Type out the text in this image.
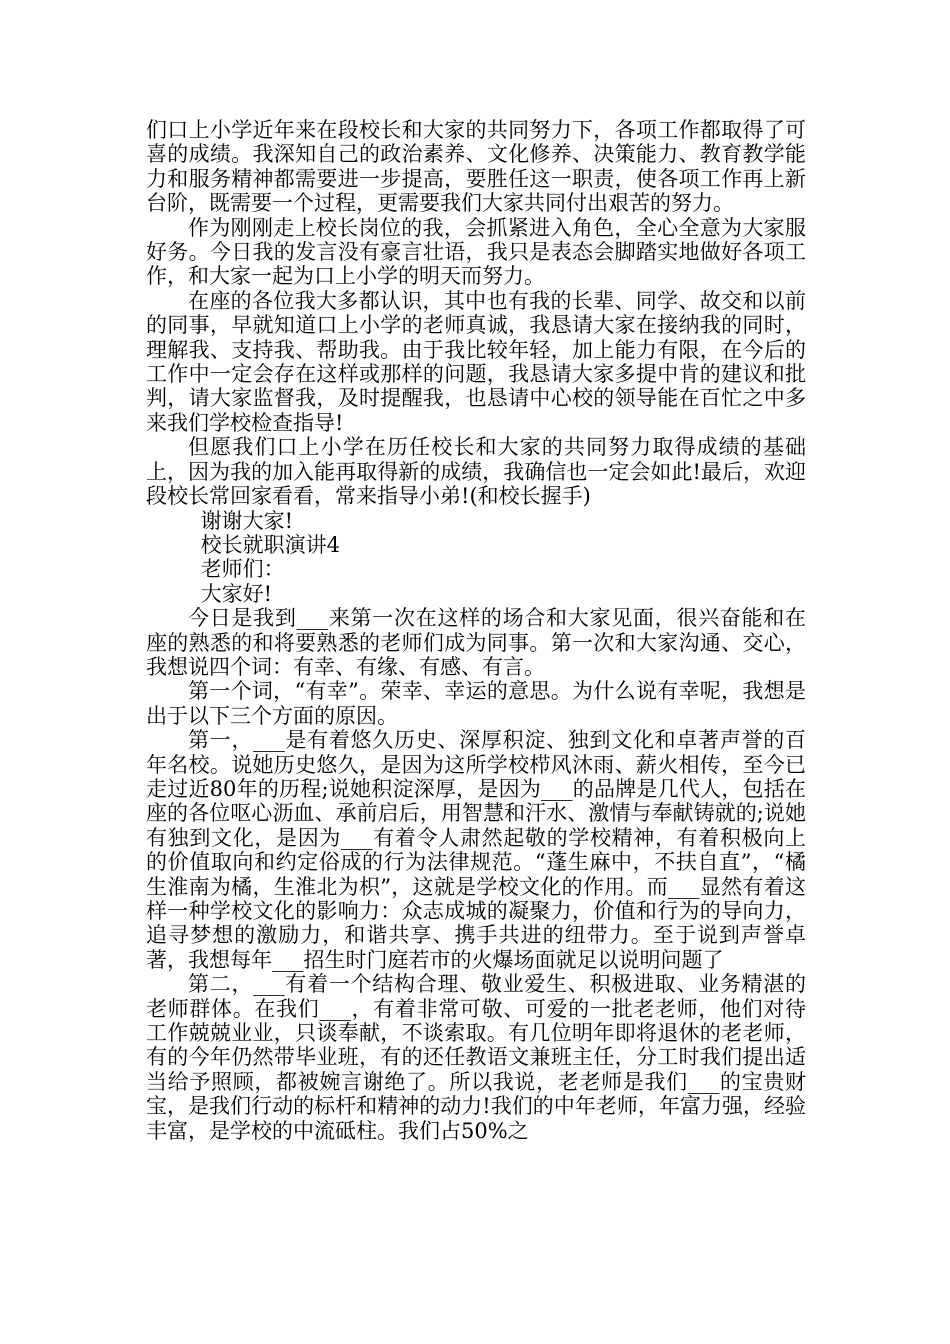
们口上小学近年来在段校长和大家的共同努力下，各项工作都取得了可喜的成绩。我深知自己的政治素养、文化修养、决策能力、教育教学能力和服务精神都需要进一步提高，要胜任这一职责，使各项工作再上新台阶，既需要一个过程，更需要我们大家共同付出艰苦的努力。

作为刚刚走上校长岗位的我，会抓紧进入角色，全心全意为大家服好务。今日我的发言没有豪言壮语，我只是表态会脚踏实地做好各项工作，和大家一起为口上小学的明天而努力。

在座的各位我大多都认识，其中也有我的长辈、同学、故交和以前的同事，早就知道口上小学的老师真诚，我恳请大家在接纳我的同时，理解我、支持我、帮助我。由于我比较年轻，加上能力有限，在今后的工作中一定会存在这样或那样的问题，我恳请大家多提中肯的建议和批判，请大家监督我，及时提醒我，也恳请中心校的领导能在百忙之中多来我们学校检查指导!

但愿我们口上小学在历任校长和大家的共同努力取得成绩的基础上，因为我的加入能再取得新的成绩，我确信也一定会如此!最后，欢迎段校长常回家看看，常来指导小弟!(和校长握手)

谢谢大家!

校长就职演讲4

老师们：

大家好!

今日是我到___来第一次在这样的场合和大家见面，很兴奋能和在座的熟悉的和将要熟悉的老师们成为同事。第一次和大家沟通、交心，我想说四个词：有幸、有缘、有感、有言。

第一个词，“有幸”。荣幸、幸运的意思。为什么说有幸呢，我想是出于以下三个方面的原因。

第一，___是有着悠久历史、深厚积淀、独到文化和卓著声誉的百年名校。说她历史悠久，是因为这所学校栉风沐雨、薪火相传，至今已走过近80年的历程;说她积淀深厚，是因为___的品牌是几代人，包括在座的各位呕心沥血、承前启后，用智慧和汗水、激情与奉献铸就的;说她有独到文化，是因为___有着令人肃然起敬的学校精神，有着积极向上的价值取向和约定俗成的行为法律规范。“蓬生麻中，不扶自直”，“橘生淮南为橘，生淮北为枳”，这就是学校文化的作用。而___显然有着这样一种学校文化的影响力：众志成城的凝聚力，价值和行为的导向力，追寻梦想的激励力，和谐共享、携手共进的纽带力。至于说到声誉卓著，我想每年___招生时门庭若市的火爆场面就足以说明问题了

第二，___有着一个结构合理、敬业爱生、积极进取、业务精湛的老师群体。在我们___，有着非常可敬、可爱的一批老老师，他们对待工作兢兢业业，只谈奉献，不谈索取。有几位明年即将退休的老老师，有的今年仍然带毕业班，有的还任教语文兼班主任，分工时我们提出适当给予照顾，都被婉言谢绝了。所以我说，老老师是我们___的宝贵财宝，是我们行动的标杆和精神的动力!我们的中年老师，年富力强，经验丰富，是学校的中流砥柱。我们占50%之
